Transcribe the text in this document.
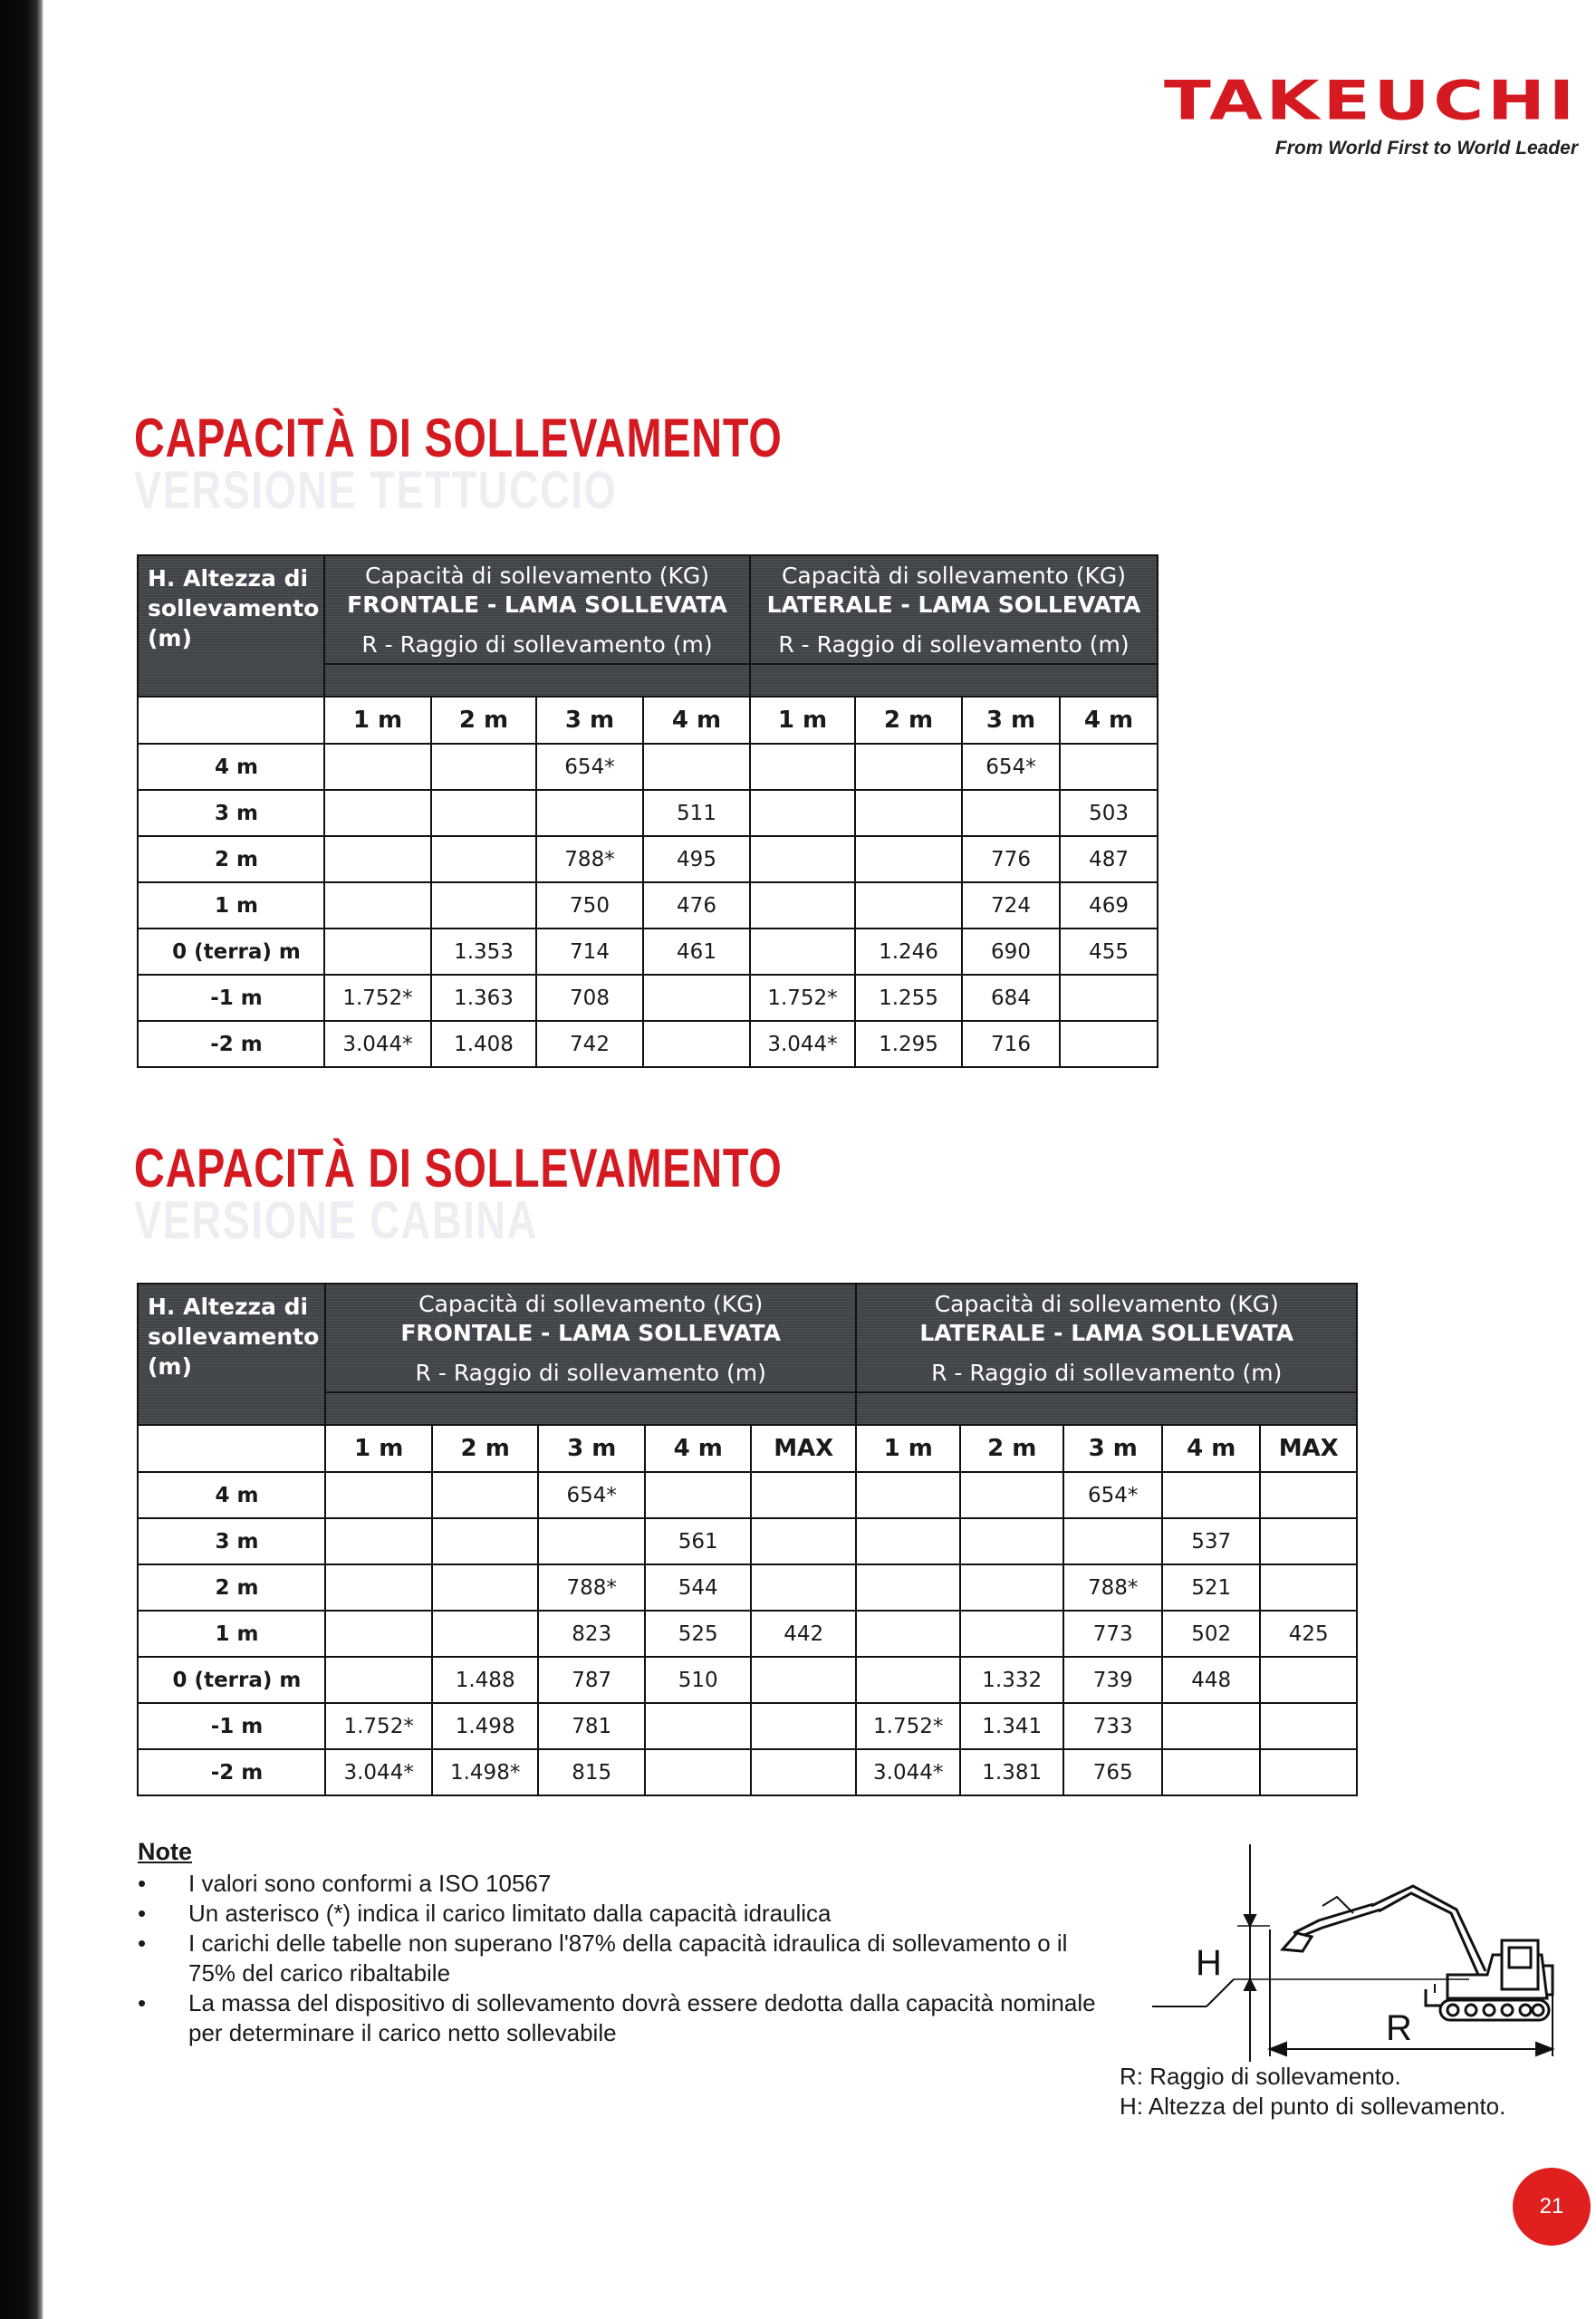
TAKEUCHI
From World First to World Leader
CAPACITÀ DI SOLLEVAMENTO
VERSIONE TETTUCCIO
H. Altezza di sollevamento (m)	Capacità di sollevamento (KG)
FRONTALE - LAMA SOLLEVATA
R - Raggio di sollevamento (m)				Capacità di sollevamento (KG)
LATERALE - LAMA SOLLEVATA
R - Raggio di sollevamento (m)			

	1 m	2 m	3 m	4 m	1 m	2 m	3 m	4 m
4 m			654*				654*	
3 m				511				503
2 m			788*	495			776	487
1 m			750	476			724	469
0 (terra) m		1.353	714	461		1.246	690	455
-1 m	1.752*	1.363	708		1.752*	1.255	684	
-2 m	3.044*	1.408	742		3.044*	1.295	716	
CAPACITÀ DI SOLLEVAMENTO
VERSIONE CABINA
H. Altezza di sollevamento (m)	Capacità di sollevamento (KG)
FRONTALE - LAMA SOLLEVATA
R - Raggio di sollevamento (m)					Capacità di sollevamento (KG)
LATERALE - LAMA SOLLEVATA
R - Raggio di sollevamento (m)				

	1 m	2 m	3 m	4 m	MAX	1 m	2 m	3 m	4 m	MAX
4 m			654*					654*		
3 m				561					537	
2 m			788*	544				788*	521	
1 m			823	525	442			773	502	425
0 (terra) m		1.488	787	510			1.332	739	448	
-1 m	1.752*	1.498	781			1.752*	1.341	733		
-2 m	3.044*	1.498*	815			3.044*	1.381	765		
Note
• I valori sono conformi a ISO 10567
• Un asterisco (*) indica il carico limitato dalla capacità idraulica
• I carichi delle tabelle non superano l'87% della capacità idraulica di sollevamento o il 75% del carico ribaltabile
• La massa del dispositivo di sollevamento dovrà essere dedotta dalla capacità nominale per determinare il carico netto sollevabile
H
R
R: Raggio di sollevamento.
H: Altezza del punto di sollevamento.
21
